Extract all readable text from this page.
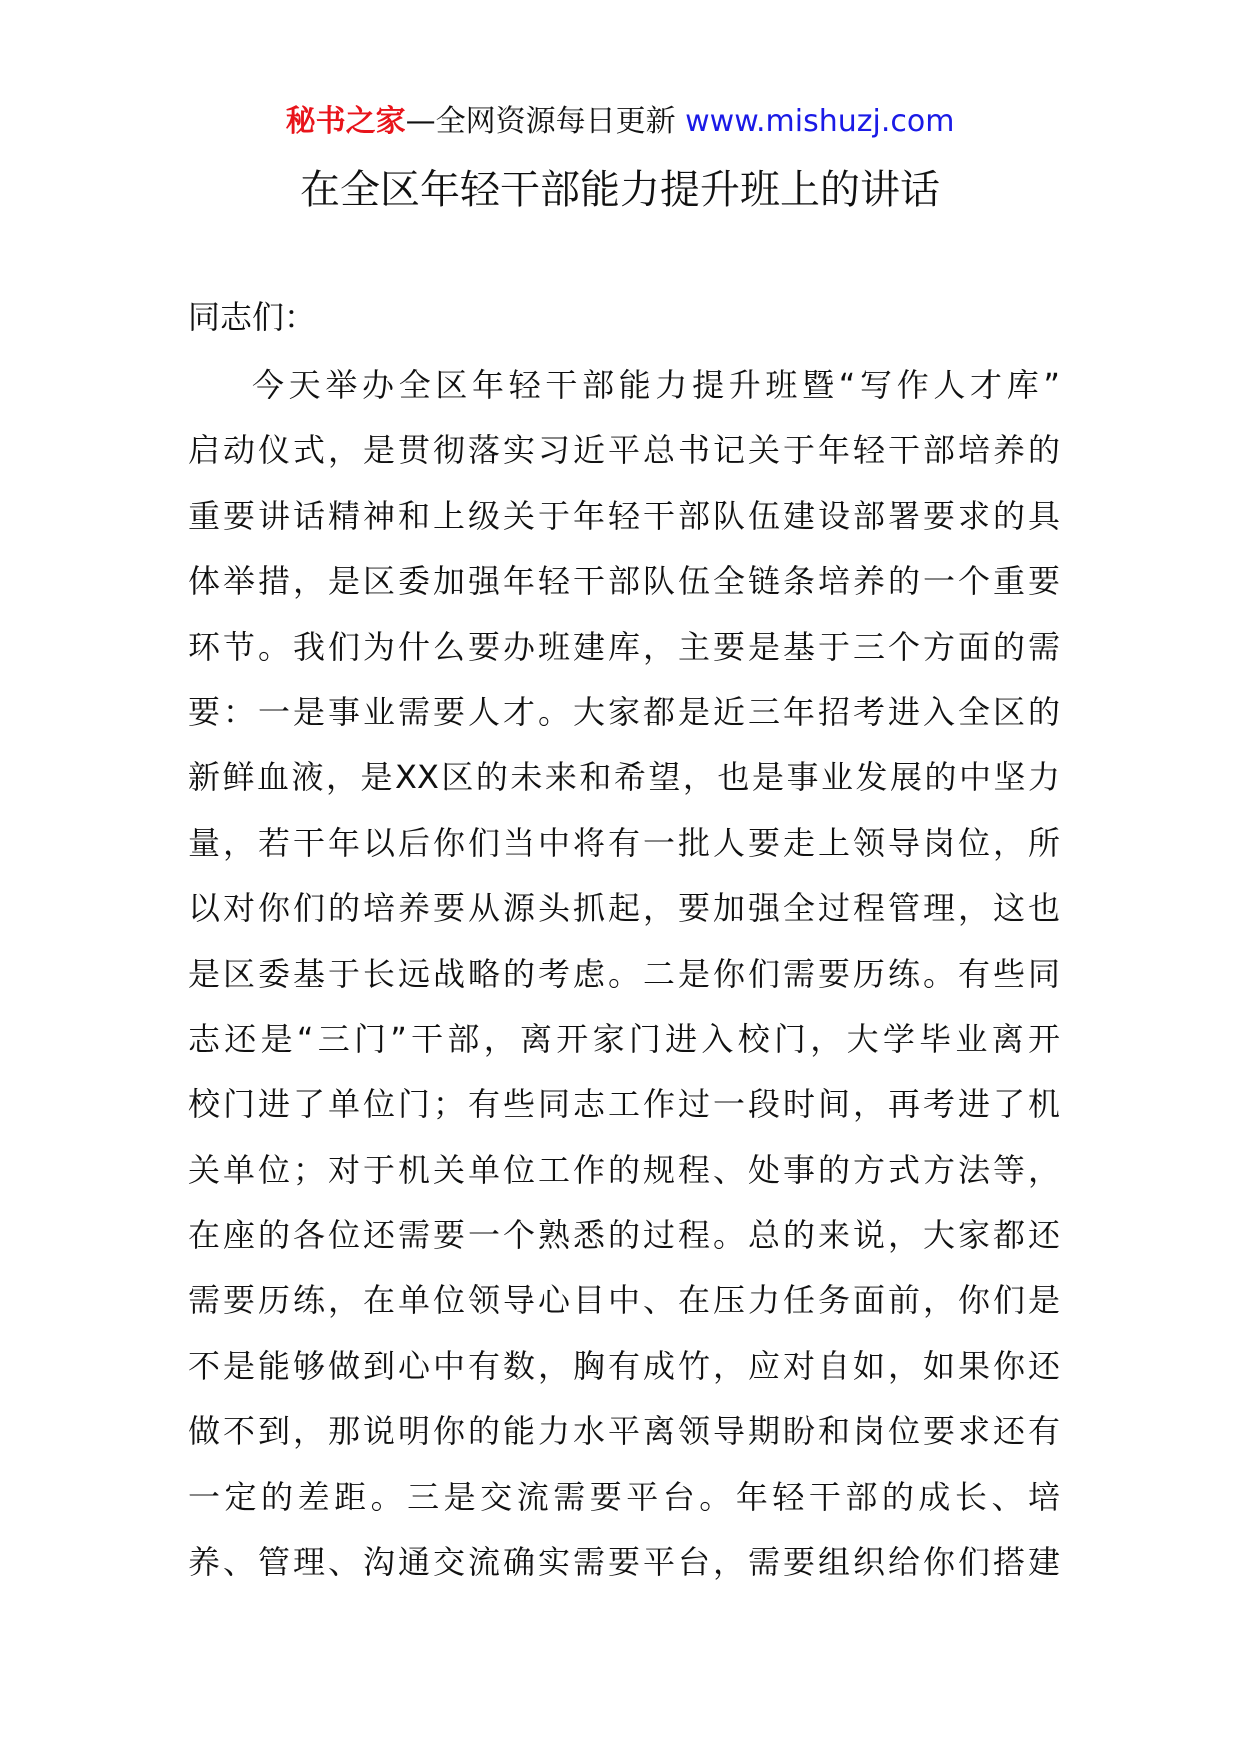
秘书之家—全网资源每日更新 www.mishuzj.com
在全区年轻干部能力提升班上的讲话
同志们：
今天举办全区年轻干部能力提升班暨“写作人才库”
启动仪式，是贯彻落实习近平总书记关于年轻干部培养的
重要讲话精神和上级关于年轻干部队伍建设部署要求的具
体举措，是区委加强年轻干部队伍全链条培养的一个重要
环节。我们为什么要办班建库，主要是基于三个方面的需
要：一是事业需要人才。大家都是近三年招考进入全区的
新鲜血液，是XX区的未来和希望，也是事业发展的中坚力
量，若干年以后你们当中将有一批人要走上领导岗位，所
以对你们的培养要从源头抓起，要加强全过程管理，这也
是区委基于长远战略的考虑。二是你们需要历练。有些同
志还是“三门”干部，离开家门进入校门，大学毕业离开
校门进了单位门；有些同志工作过一段时间，再考进了机
关单位；对于机关单位工作的规程、处事的方式方法等，
在座的各位还需要一个熟悉的过程。总的来说，大家都还
需要历练，在单位领导心目中、在压力任务面前，你们是
不是能够做到心中有数，胸有成竹，应对自如，如果你还
做不到，那说明你的能力水平离领导期盼和岗位要求还有
一定的差距。三是交流需要平台。年轻干部的成长、培
养、管理、沟通交流确实需要平台，需要组织给你们搭建
